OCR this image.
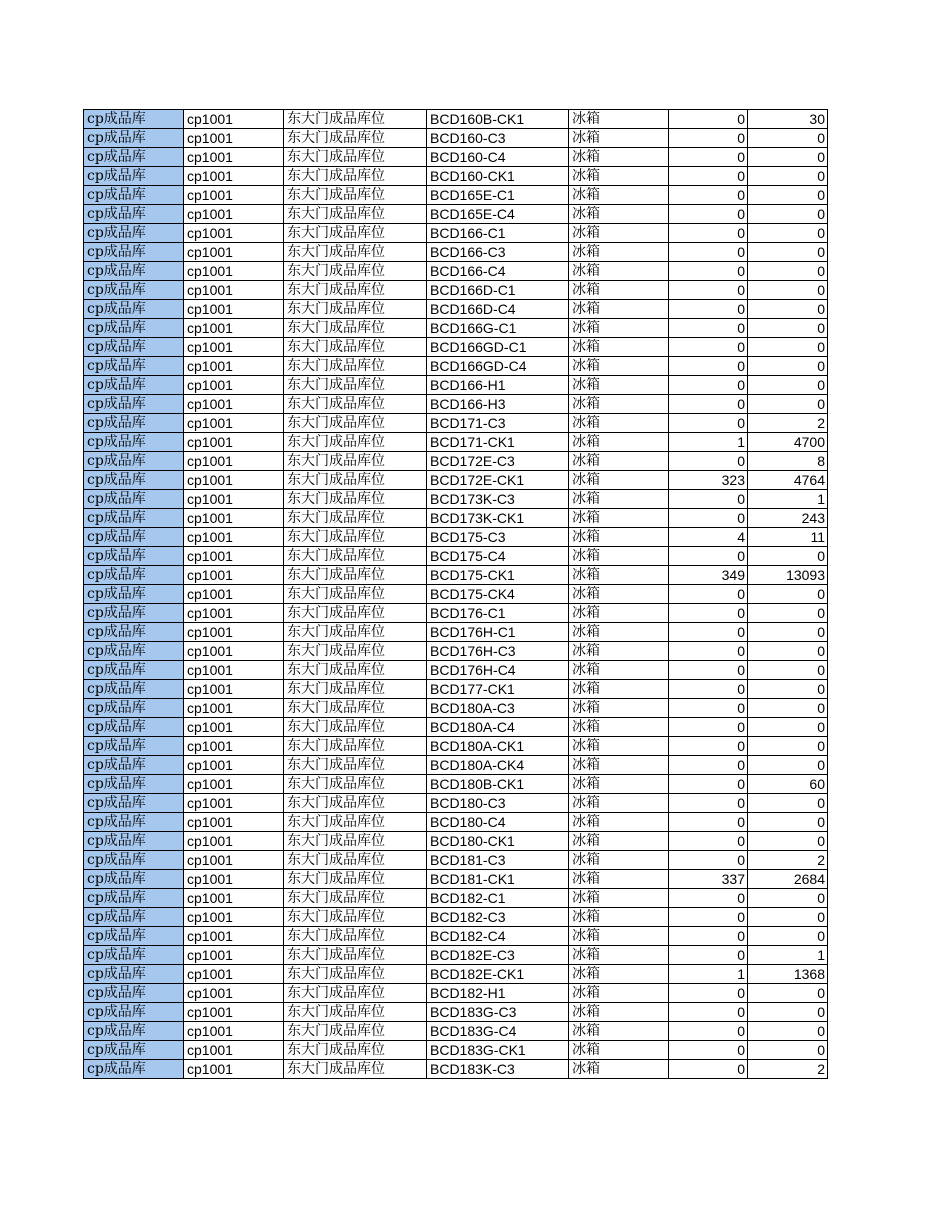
cp成品库	cp1001	东大门成品库位	BCD160B-CK1	冰箱	0	30
cp成品库	cp1001	东大门成品库位	BCD160-C3	冰箱	0	0
cp成品库	cp1001	东大门成品库位	BCD160-C4	冰箱	0	0
cp成品库	cp1001	东大门成品库位	BCD160-CK1	冰箱	0	0
cp成品库	cp1001	东大门成品库位	BCD165E-C1	冰箱	0	0
cp成品库	cp1001	东大门成品库位	BCD165E-C4	冰箱	0	0
cp成品库	cp1001	东大门成品库位	BCD166-C1	冰箱	0	0
cp成品库	cp1001	东大门成品库位	BCD166-C3	冰箱	0	0
cp成品库	cp1001	东大门成品库位	BCD166-C4	冰箱	0	0
cp成品库	cp1001	东大门成品库位	BCD166D-C1	冰箱	0	0
cp成品库	cp1001	东大门成品库位	BCD166D-C4	冰箱	0	0
cp成品库	cp1001	东大门成品库位	BCD166G-C1	冰箱	0	0
cp成品库	cp1001	东大门成品库位	BCD166GD-C1	冰箱	0	0
cp成品库	cp1001	东大门成品库位	BCD166GD-C4	冰箱	0	0
cp成品库	cp1001	东大门成品库位	BCD166-H1	冰箱	0	0
cp成品库	cp1001	东大门成品库位	BCD166-H3	冰箱	0	0
cp成品库	cp1001	东大门成品库位	BCD171-C3	冰箱	0	2
cp成品库	cp1001	东大门成品库位	BCD171-CK1	冰箱	1	4700
cp成品库	cp1001	东大门成品库位	BCD172E-C3	冰箱	0	8
cp成品库	cp1001	东大门成品库位	BCD172E-CK1	冰箱	323	4764
cp成品库	cp1001	东大门成品库位	BCD173K-C3	冰箱	0	1
cp成品库	cp1001	东大门成品库位	BCD173K-CK1	冰箱	0	243
cp成品库	cp1001	东大门成品库位	BCD175-C3	冰箱	4	11
cp成品库	cp1001	东大门成品库位	BCD175-C4	冰箱	0	0
cp成品库	cp1001	东大门成品库位	BCD175-CK1	冰箱	349	13093
cp成品库	cp1001	东大门成品库位	BCD175-CK4	冰箱	0	0
cp成品库	cp1001	东大门成品库位	BCD176-C1	冰箱	0	0
cp成品库	cp1001	东大门成品库位	BCD176H-C1	冰箱	0	0
cp成品库	cp1001	东大门成品库位	BCD176H-C3	冰箱	0	0
cp成品库	cp1001	东大门成品库位	BCD176H-C4	冰箱	0	0
cp成品库	cp1001	东大门成品库位	BCD177-CK1	冰箱	0	0
cp成品库	cp1001	东大门成品库位	BCD180A-C3	冰箱	0	0
cp成品库	cp1001	东大门成品库位	BCD180A-C4	冰箱	0	0
cp成品库	cp1001	东大门成品库位	BCD180A-CK1	冰箱	0	0
cp成品库	cp1001	东大门成品库位	BCD180A-CK4	冰箱	0	0
cp成品库	cp1001	东大门成品库位	BCD180B-CK1	冰箱	0	60
cp成品库	cp1001	东大门成品库位	BCD180-C3	冰箱	0	0
cp成品库	cp1001	东大门成品库位	BCD180-C4	冰箱	0	0
cp成品库	cp1001	东大门成品库位	BCD180-CK1	冰箱	0	0
cp成品库	cp1001	东大门成品库位	BCD181-C3	冰箱	0	2
cp成品库	cp1001	东大门成品库位	BCD181-CK1	冰箱	337	2684
cp成品库	cp1001	东大门成品库位	BCD182-C1	冰箱	0	0
cp成品库	cp1001	东大门成品库位	BCD182-C3	冰箱	0	0
cp成品库	cp1001	东大门成品库位	BCD182-C4	冰箱	0	0
cp成品库	cp1001	东大门成品库位	BCD182E-C3	冰箱	0	1
cp成品库	cp1001	东大门成品库位	BCD182E-CK1	冰箱	1	1368
cp成品库	cp1001	东大门成品库位	BCD182-H1	冰箱	0	0
cp成品库	cp1001	东大门成品库位	BCD183G-C3	冰箱	0	0
cp成品库	cp1001	东大门成品库位	BCD183G-C4	冰箱	0	0
cp成品库	cp1001	东大门成品库位	BCD183G-CK1	冰箱	0	0
cp成品库	cp1001	东大门成品库位	BCD183K-C3	冰箱	0	2
